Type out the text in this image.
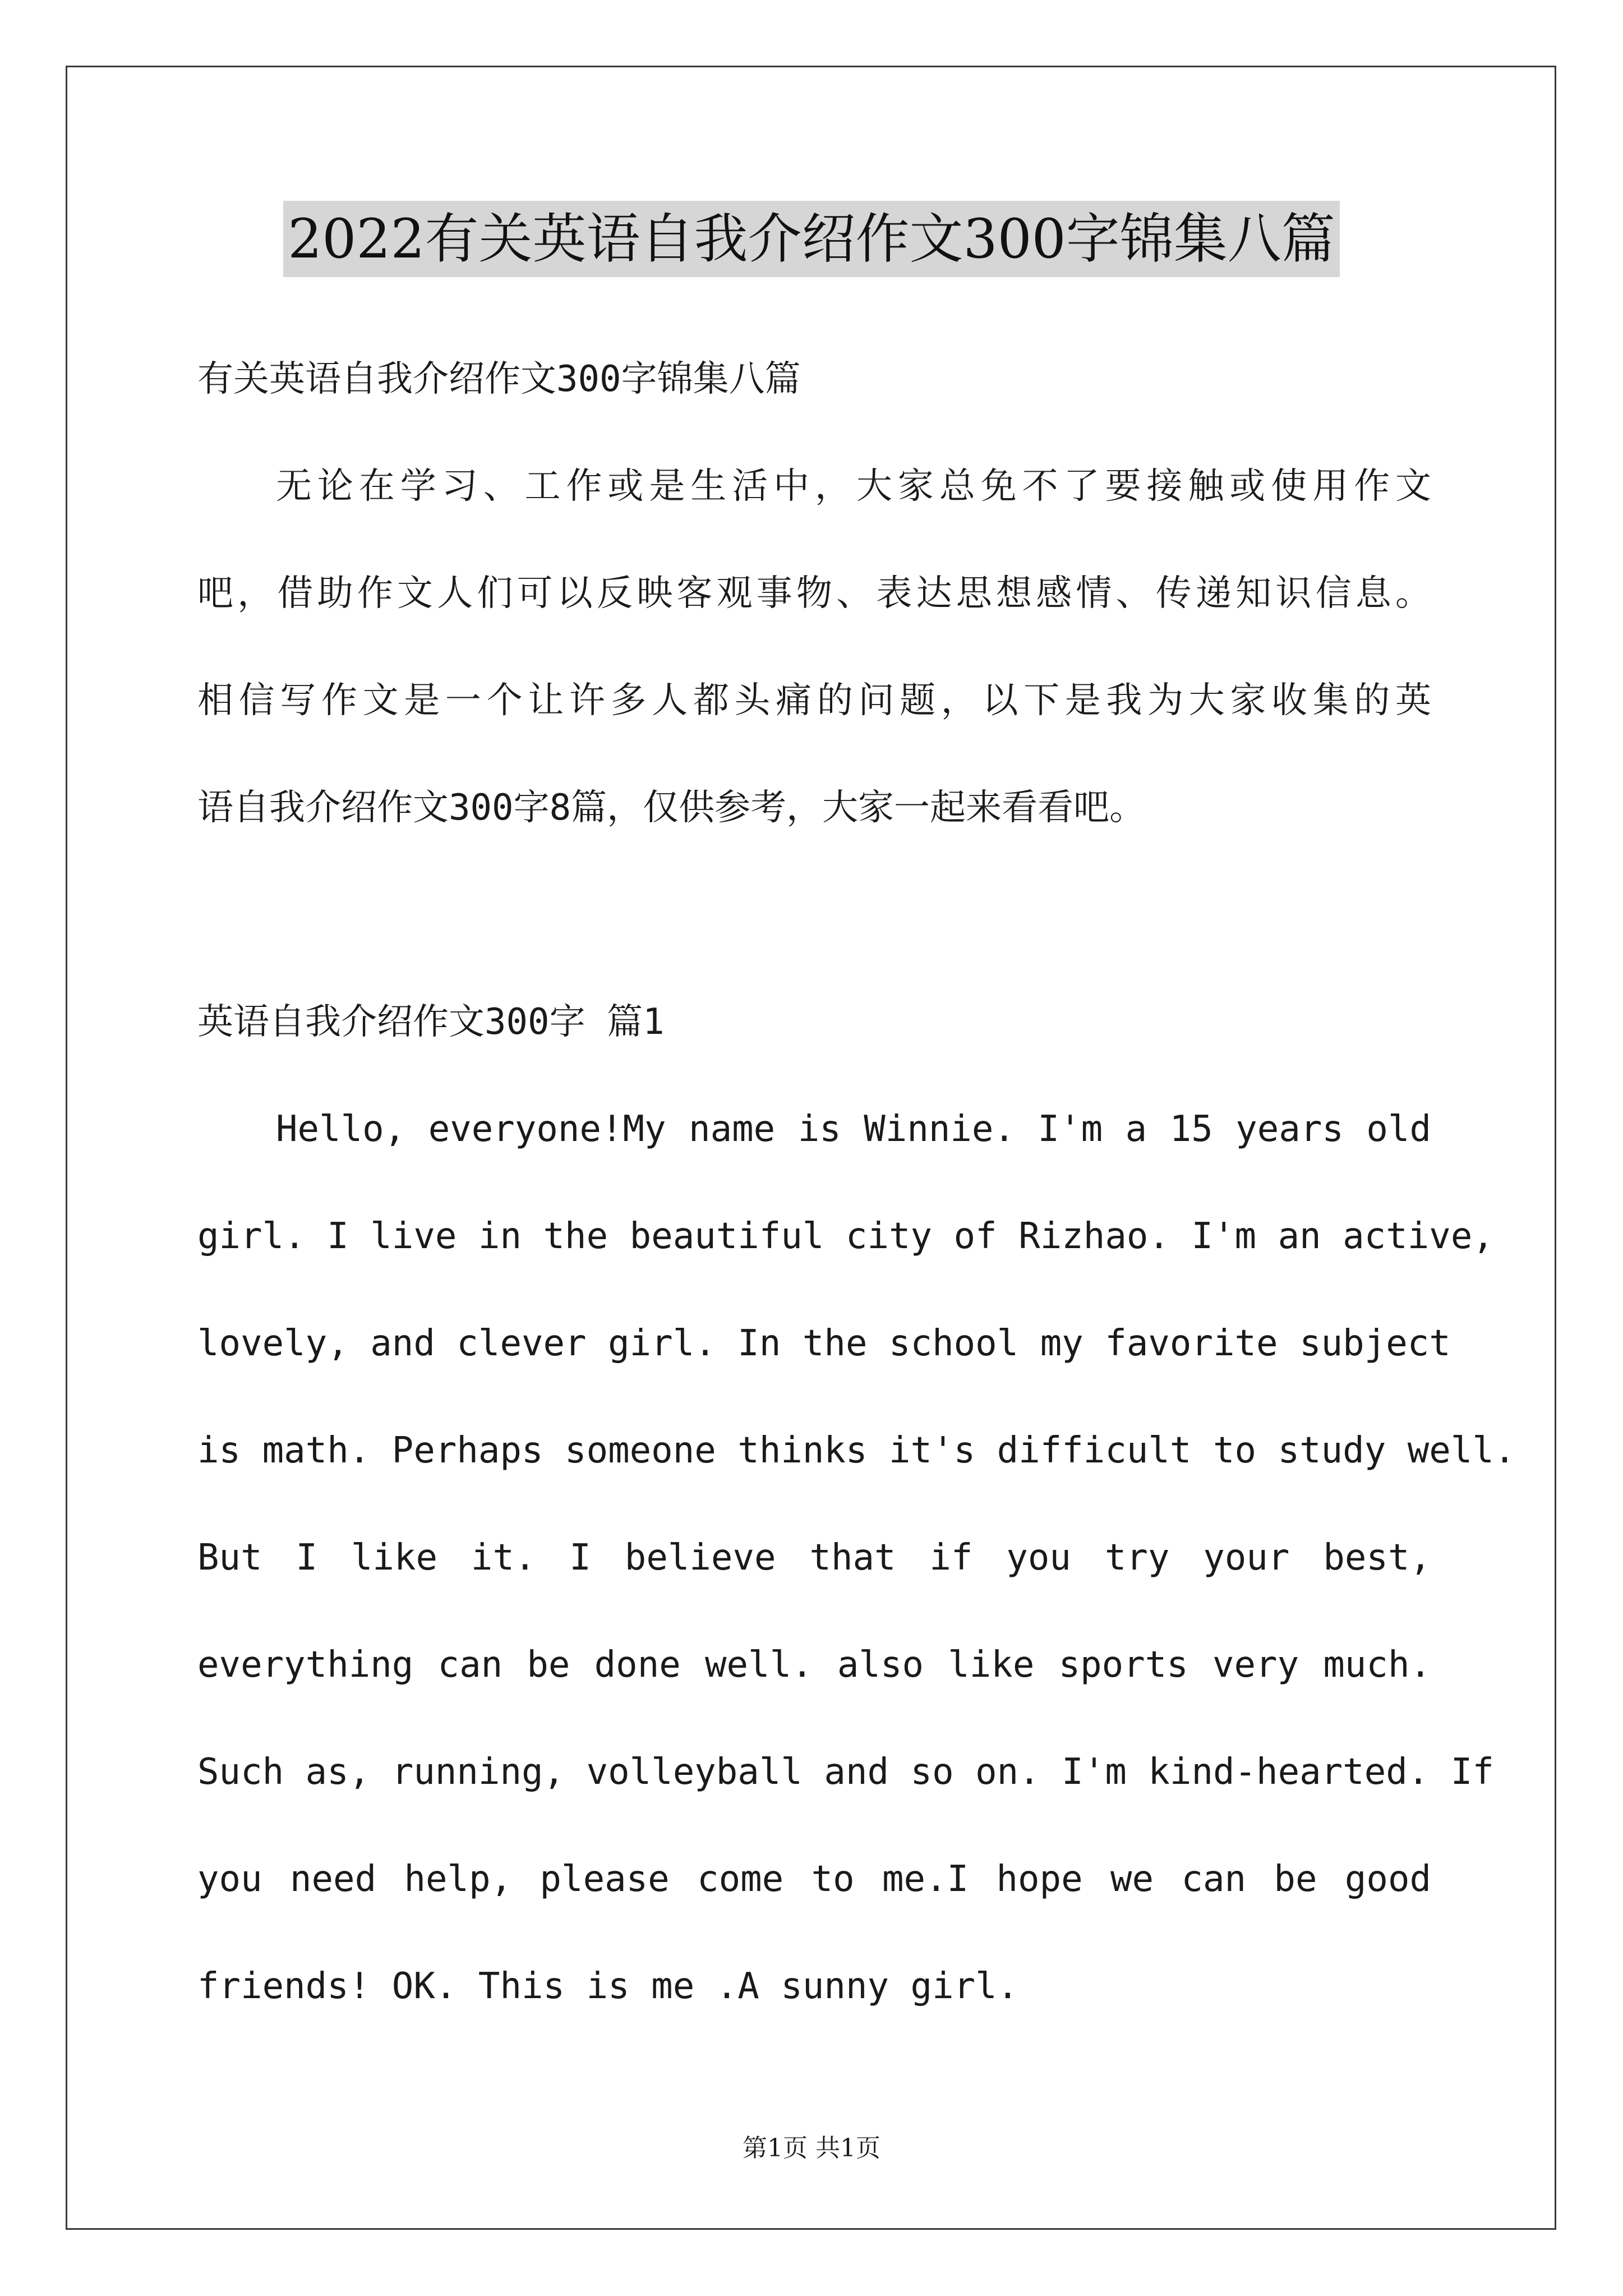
2022有关英语自我介绍作文300字锦集八篇
有关英语自我介绍作文300字锦集八篇
无论在学习、工作或是生活中，大家总免不了要接触或使用作文
吧，借助作文人们可以反映客观事物、表达思想感情、传递知识信息。
相信写作文是一个让许多人都头痛的问题，以下是我为大家收集的英
语自我介绍作文300字8篇，仅供参考，大家一起来看看吧。
英语自我介绍作文300字 篇1
Hello, everyone!My name is Winnie. I'm a 15 years old
girl. I live in the beautiful city of Rizhao. I'm an active,
lovely, and clever girl. In the school my favorite subject
is math. Perhaps someone thinks it's difficult to study well.
But I like it. I believe that if you try your best,
everything can be done well. also like sports very much.
Such as, running, volleyball and so on. I'm kind-hearted. If
you need help, please come to me.I hope we can be good
friends! OK. This is me .A sunny girl.
第1页 共1页
